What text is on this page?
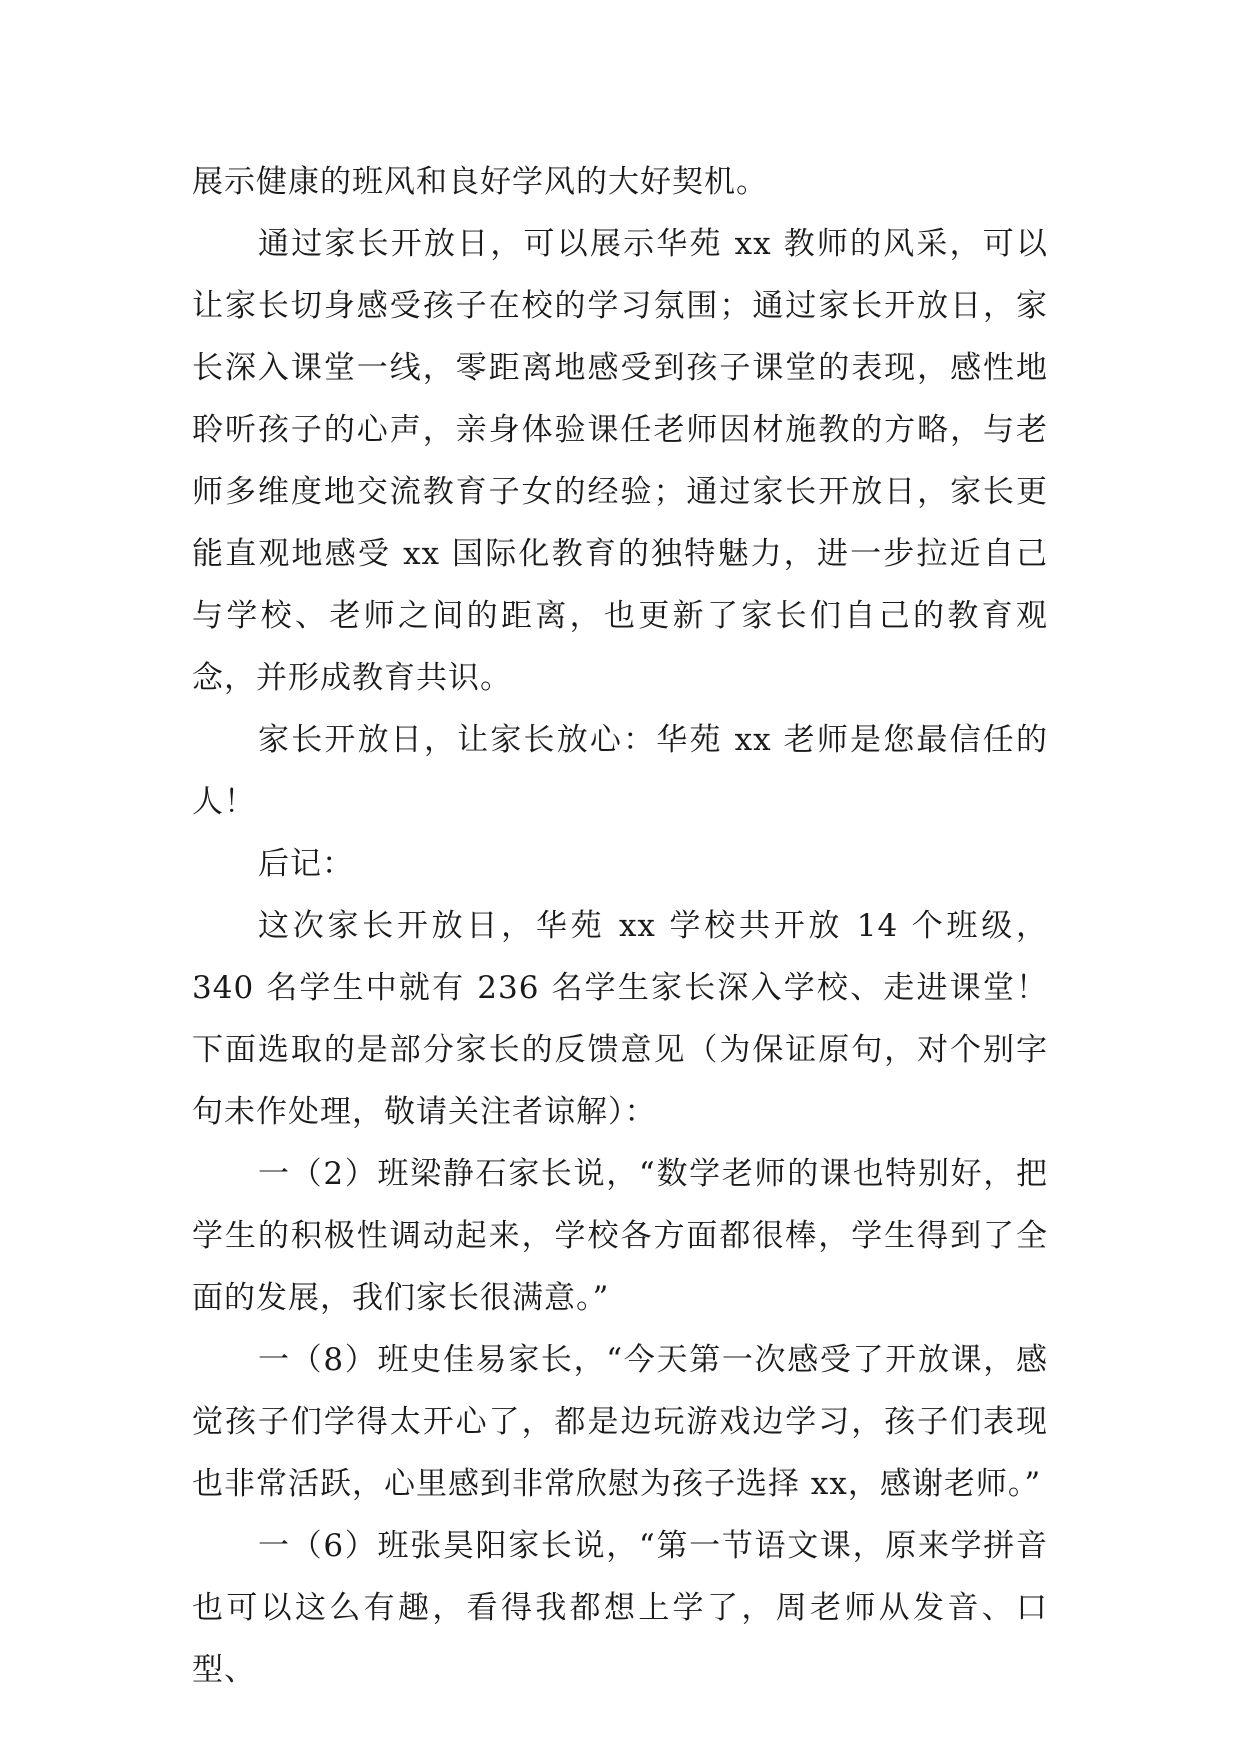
展示健康的班风和良好学风的大好契机。

通过家长开放日，可以展示华苑 xx 教师的风采，可以让家长切身感受孩子在校的学习氛围；通过家长开放日，家长深入课堂一线，零距离地感受到孩子课堂的表现，感性地聆听孩子的心声，亲身体验课任老师因材施教的方略，与老师多维度地交流教育子女的经验；通过家长开放日，家长更能直观地感受 xx 国际化教育的独特魅力，进一步拉近自己与学校、老师之间的距离，也更新了家长们自己的教育观念，并形成教育共识。

家长开放日，让家长放心：华苑 xx 老师是您最信任的人！

后记：

这次家长开放日，华苑 xx 学校共开放 14 个班级，340 名学生中就有 236 名学生家长深入学校、走进课堂！下面选取的是部分家长的反馈意见（为保证原句，对个别字句未作处理，敬请关注者谅解）：

一（2）班梁静石家长说，“数学老师的课也特别好，把学生的积极性调动起来，学校各方面都很棒，学生得到了全面的发展，我们家长很满意。”

一（8）班史佳易家长，“今天第一次感受了开放课，感觉孩子们学得太开心了，都是边玩游戏边学习，孩子们表现也非常活跃，心里感到非常欣慰为孩子选择 xx，感谢老师。”

一（6）班张昊阳家长说，“第一节语文课，原来学拼音也可以这么有趣，看得我都想上学了，周老师从发音、口型、
